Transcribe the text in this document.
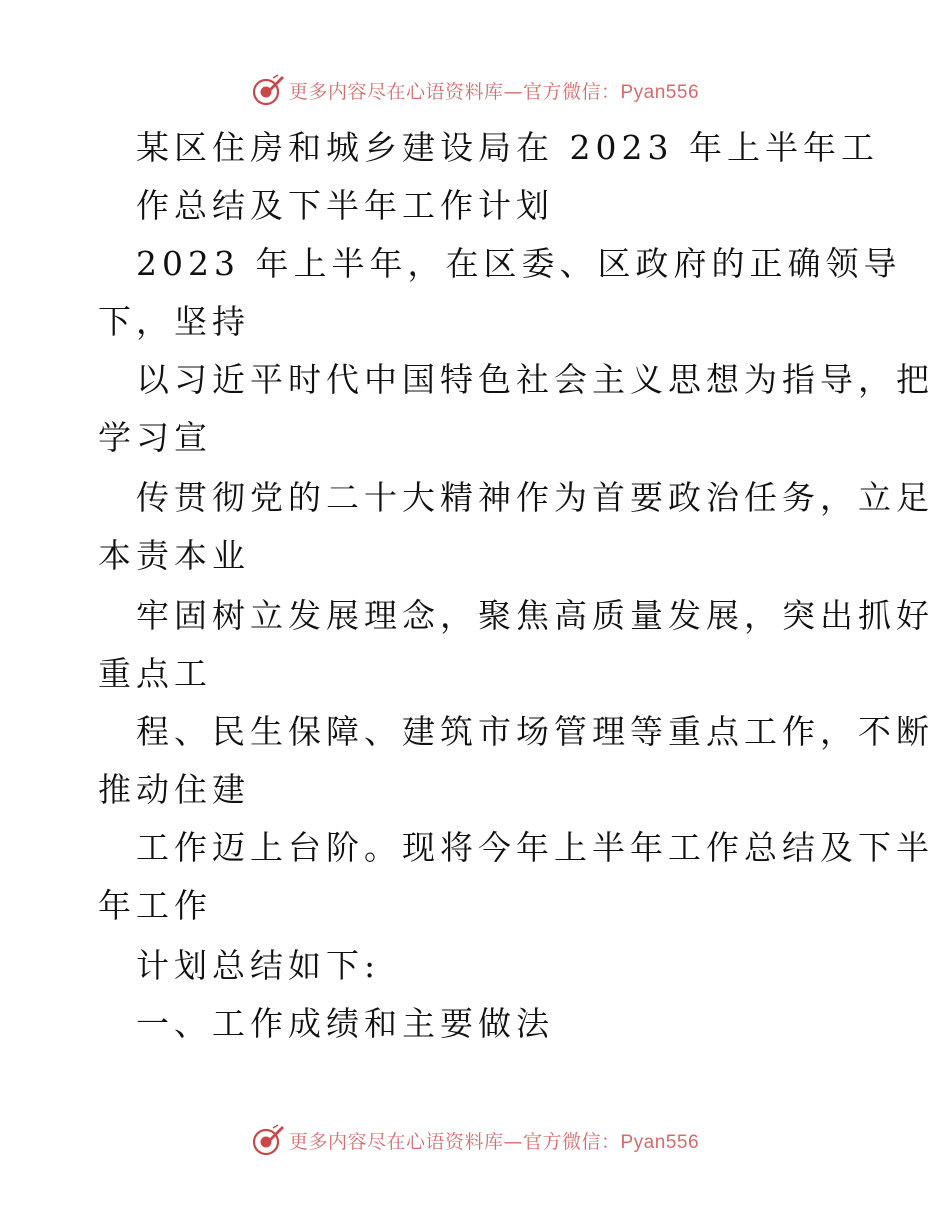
更多内容尽在心语资料库—官方微信：Pyan556
某区住房和城乡建设局在 2023 年上半年工
作总结及下半年工作计划
2023 年上半年，在区委、区政府的正确领导
下，坚持
以习近平时代中国特色社会主义思想为指导，把
学习宣
传贯彻党的二十大精神作为首要政治任务，立足
本责本业
牢固树立发展理念，聚焦高质量发展，突出抓好
重点工
程、民生保障、建筑市场管理等重点工作，不断
推动住建
工作迈上台阶。现将今年上半年工作总结及下半
年工作
计划总结如下:
一、工作成绩和主要做法
更多内容尽在心语资料库—官方微信：Pyan556
